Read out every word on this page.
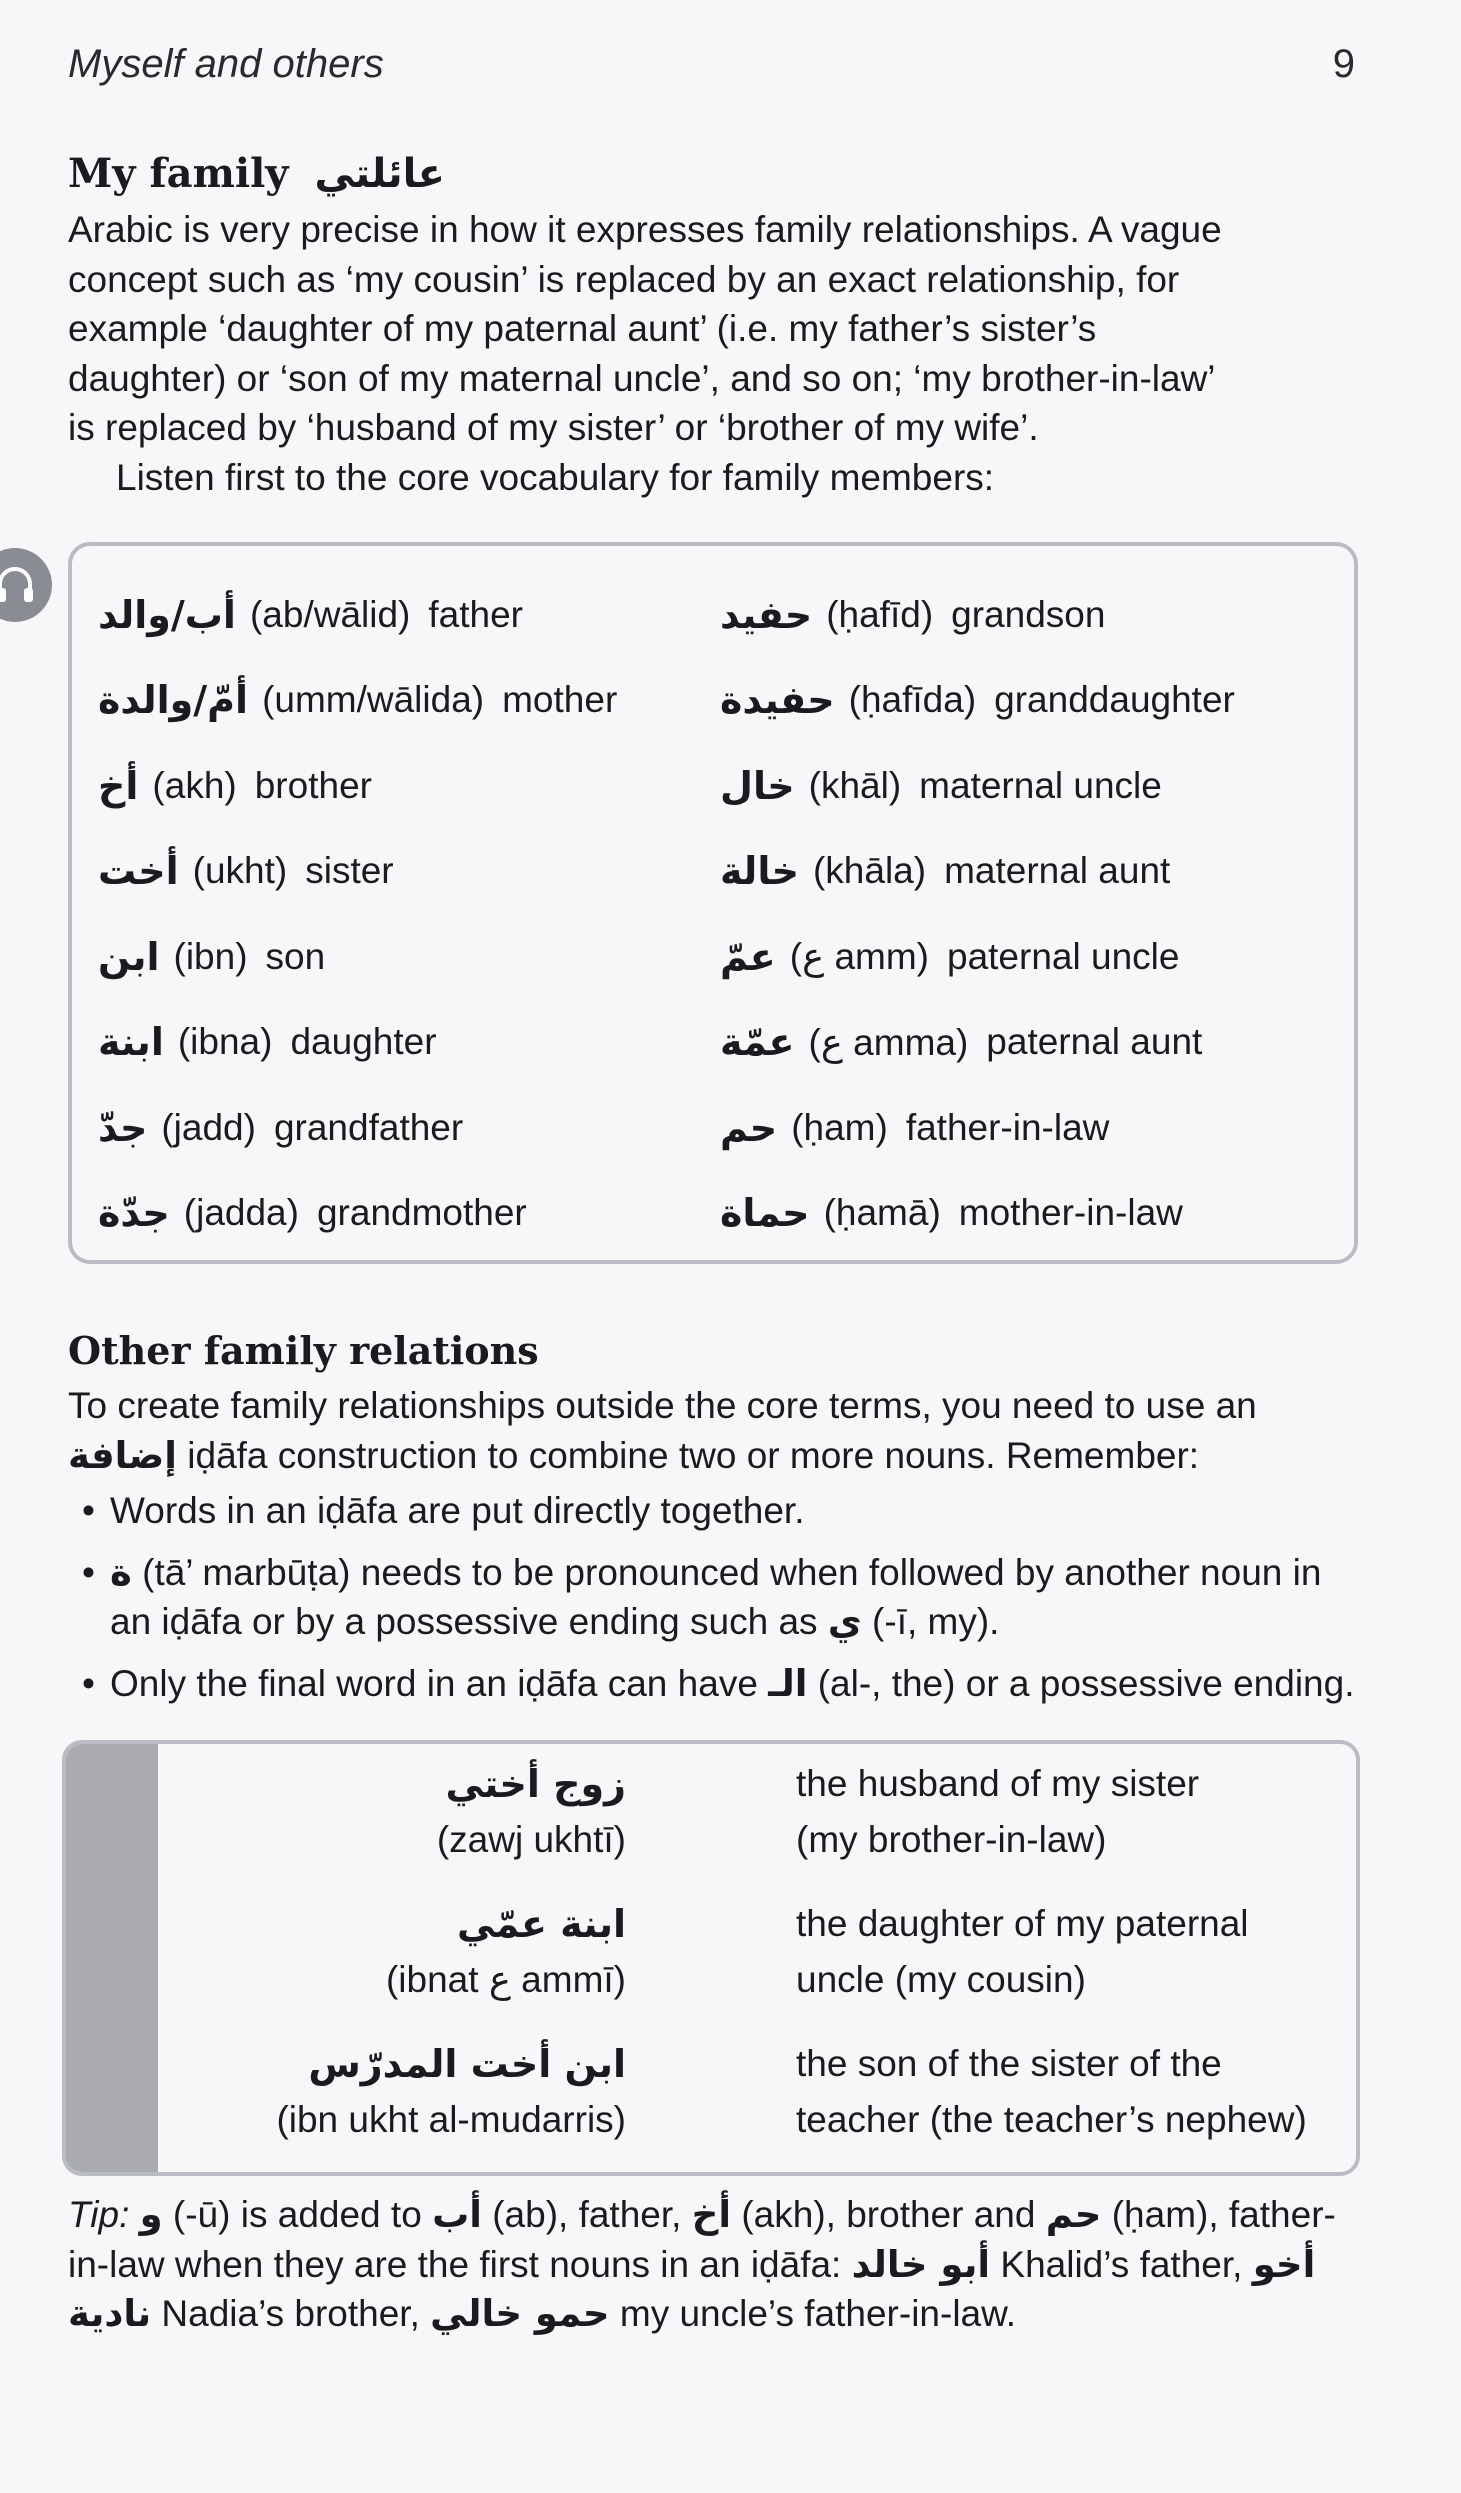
Myself and others	9
My family عائلتي

Arabic is very precise in how it expresses family relationships. A vague

concept such as ‘my cousin’ is replaced by an exact relationship, for

example ‘daughter of my paternal aunt’ (i.e. my father’s sister’s

daughter) or ‘son of my maternal uncle’, and so on; ‘my brother-in-law’

is replaced by ‘husband of my sister’ or ‘brother of my wife’.

Listen first to the core vocabulary for family members:

أب/والد (ab/wālid) father
أمّ/والدة (umm/wālida) mother
أخ (akh) brother
أخت (ukht) sister
ابن (ibn) son
ابنة (ibna) daughter
جدّ (jadd) grandfather
جدّة (jadda) grandmother
حفيد (ḥafīd) grandson
حفيدة (ḥafīda) granddaughter
خال (khāl) maternal uncle
خالة (khāla) maternal aunt
عمّ (ع amm) paternal uncle
عمّة (ع amma) paternal aunt
حم (ḥam) father-in-law
حماة (ḥamā) mother-in-law
Other family relations

To create family relationships outside the core terms, you need to use an

إضافة iḍāfa construction to combine two or more nouns. Remember:

• Words in an iḍāfa are put directly together.
• ة (tā’ marbūṭa) needs to be pronounced when followed by another noun in an iḍāfa or by a possessive ending such as ي (-ī, my).
• Only the final word in an iḍāfa can have الـ (al-, the) or a possessive ending.
زوج أختي
(zawj ukhtī)
the husband of my sister
(my brother-in-law)
ابنة عمّي
(ibnat ع ammī)
the daughter of my paternal
uncle (my cousin)
ابن أخت المدرّس
(ibn ukht al-mudarris)
the son of the sister of the
teacher (the teacher’s nephew)
Tip: و (-ū) is added to أب (ab), father, أخ (akh), brother and حم (ḥam), father-in-law when they are the first nouns in an iḍāfa: أبو خالد Khalid’s father, أخو نادية Nadia’s brother, حمو خالي my uncle’s father-in-law.
